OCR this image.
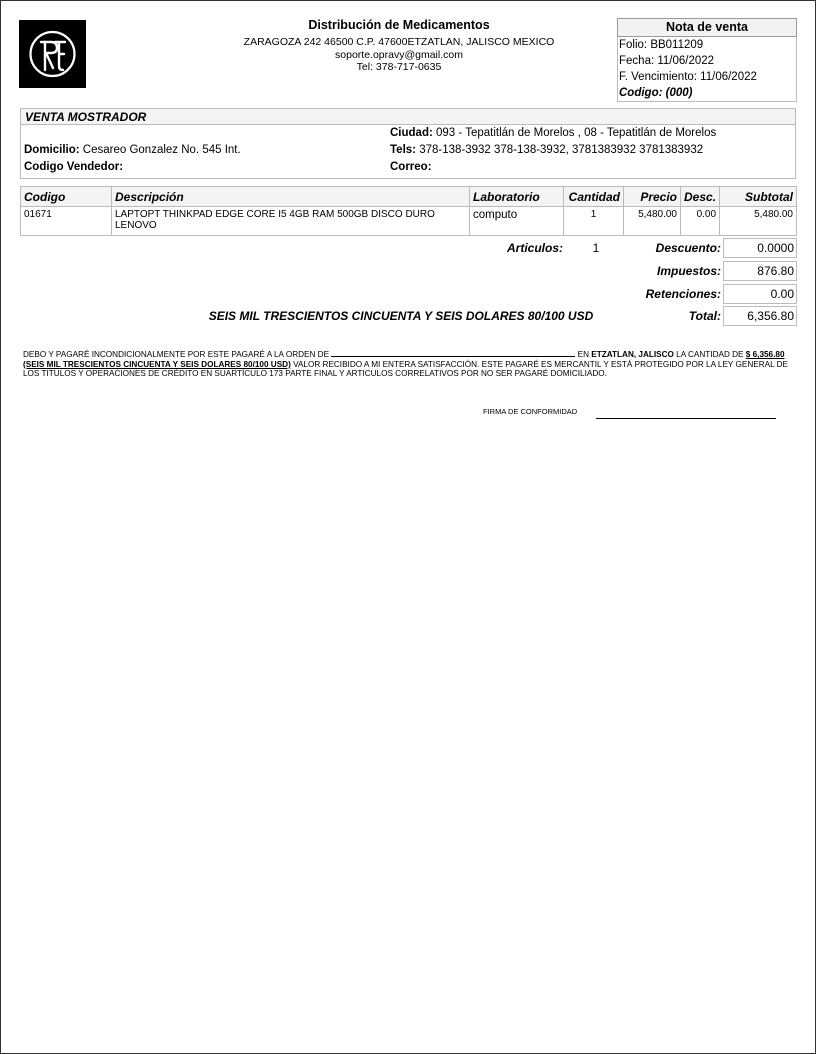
Distribución de Medicamentos
ZARAGOZA 242 46500 C.P. 47600ETZATLAN, JALISCO MEXICO
soporte.opravy@gmail.com
Tel: 378-717-0635
Nota de venta
Folio: BB011209
Fecha: 11/06/2022
F. Vencimiento: 11/06/2022
Codigo: (000)
VENTA MOSTRADOR
Ciudad: 093 - Tepatitlán de Morelos , 08 - Tepatitlán de Morelos
Domicilio: Cesareo Gonzalez No. 545 Int.	Tels: 378-138-3932 378-138-3932, 3781383932 3781383932
Codigo Vendedor:	Correo:
Codigo	Descripción	Laboratorio	Cantidad	Precio	Desc.	Subtotal
01671	LAPTOPT THINKPAD EDGE CORE I5 4GB RAM 500GB DISCO DURO LENOVO	computo	1	5,480.00	0.00	5,480.00
Articulos:	1	Descuento:	0.0000
Impuestos:	876.80
Retenciones:	0.00
Total:	6,356.80
SEIS MIL TRESCIENTOS CINCUENTA Y SEIS DOLARES 80/100 USD
DEBO Y PAGARÉ INCONDICIONALMENTE POR ESTE PAGARÉ A LA ORDEN DE	EN ETZATLAN, JALISCO LA CANTIDAD DE $ 6,356.80 (SEIS MIL TRESCIENTOS CINCUENTA Y SEIS DOLARES 80/100 USD) VALOR RECIBIDO A MI ENTERA SATISFACCIÓN. ESTE PAGARÉ ES MERCANTIL Y ESTÁ PROTEGIDO POR LA LEY GENERAL DE LOS TITULOS Y OPERACIONES DE CRÉDITO EN SUARTÍCULO 173 PARTE FINAL Y ARTICULOS CORRELATIVOS POR NO SER PAGARÉ DOMICILIADO.
FIRMA DE CONFORMIDAD
